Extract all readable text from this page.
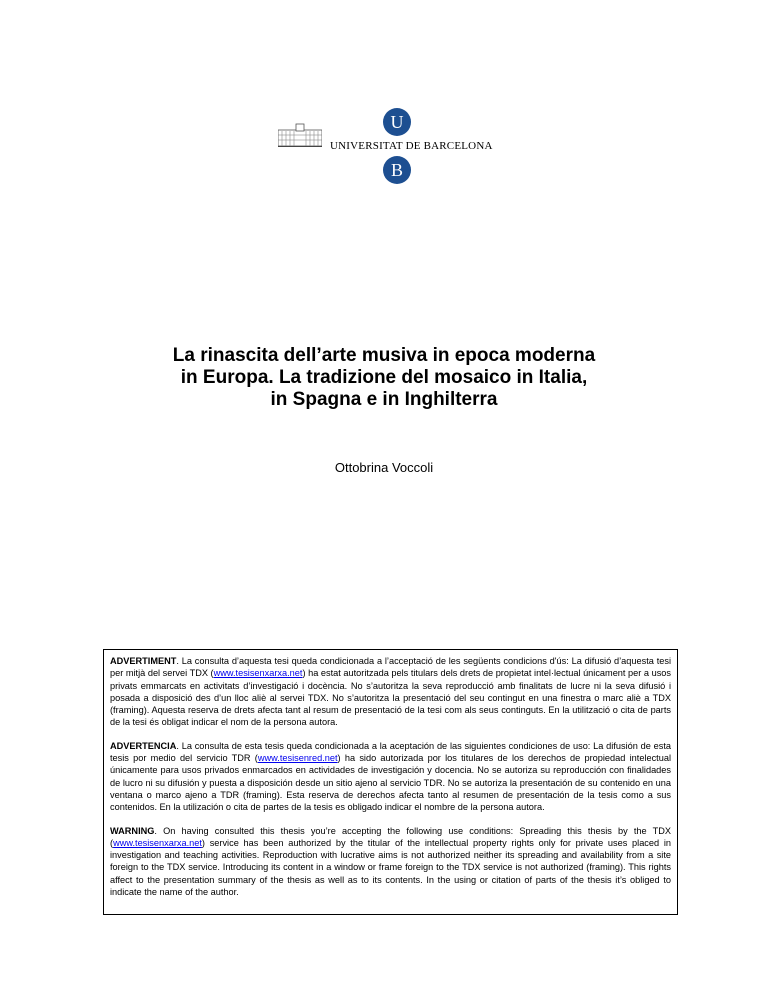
U
UNIVERSITAT DE BARCELONA
B
La rinascita dell’arte musiva in epoca moderna
in Europa. La tradizione del mosaico in Italia,
in Spagna e in Inghilterra
Ottobrina Voccoli

ADVERTIMENT. La consulta d’aquesta tesi queda condicionada a l’acceptació de les següents condicions d'ús: La difusió d’aquesta tesi per mitjà del servei TDX (www.tesisenxarxa.net) ha estat autoritzada pels titulars dels drets de propietat intel·lectual únicament per a usos privats emmarcats en activitats d’investigació i docència. No s’autoritza la seva reproducció amb finalitats de lucre ni la seva difusió i posada a disposició des d’un lloc aliè al servei TDX. No s’autoritza la presentació del seu contingut en una finestra o marc aliè a TDX (framing). Aquesta reserva de drets afecta tant al resum de presentació de la tesi com als seus continguts. En la utilització o cita de parts de la tesi és obligat indicar el nom de la persona autora.

ADVERTENCIA. La consulta de esta tesis queda condicionada a la aceptación de las siguientes condiciones de uso: La difusión de esta tesis por medio del servicio TDR (www.tesisenred.net) ha sido autorizada por los titulares de los derechos de propiedad intelectual únicamente para usos privados enmarcados en actividades de investigación y docencia. No se autoriza su reproducción con finalidades de lucro ni su difusión y puesta a disposición desde un sitio ajeno al servicio TDR. No se autoriza la presentación de su contenido en una ventana o marco ajeno a TDR (framing). Esta reserva de derechos afecta tanto al resumen de presentación de la tesis como a sus contenidos. En la utilización o cita de partes de la tesis es obligado indicar el nombre de la persona autora.

WARNING. On having consulted this thesis you’re accepting the following use conditions: Spreading this thesis by the TDX (www.tesisenxarxa.net) service has been authorized by the titular of the intellectual property rights only for private uses placed in investigation and teaching activities. Reproduction with lucrative aims is not authorized neither its spreading and availability from a site foreign to the TDX service. Introducing its content in a window or frame foreign to the TDX service is not authorized (framing). This rights affect to the presentation summary of the thesis as well as to its contents. In the using or citation of parts of the thesis it’s obliged to indicate the name of the author.
